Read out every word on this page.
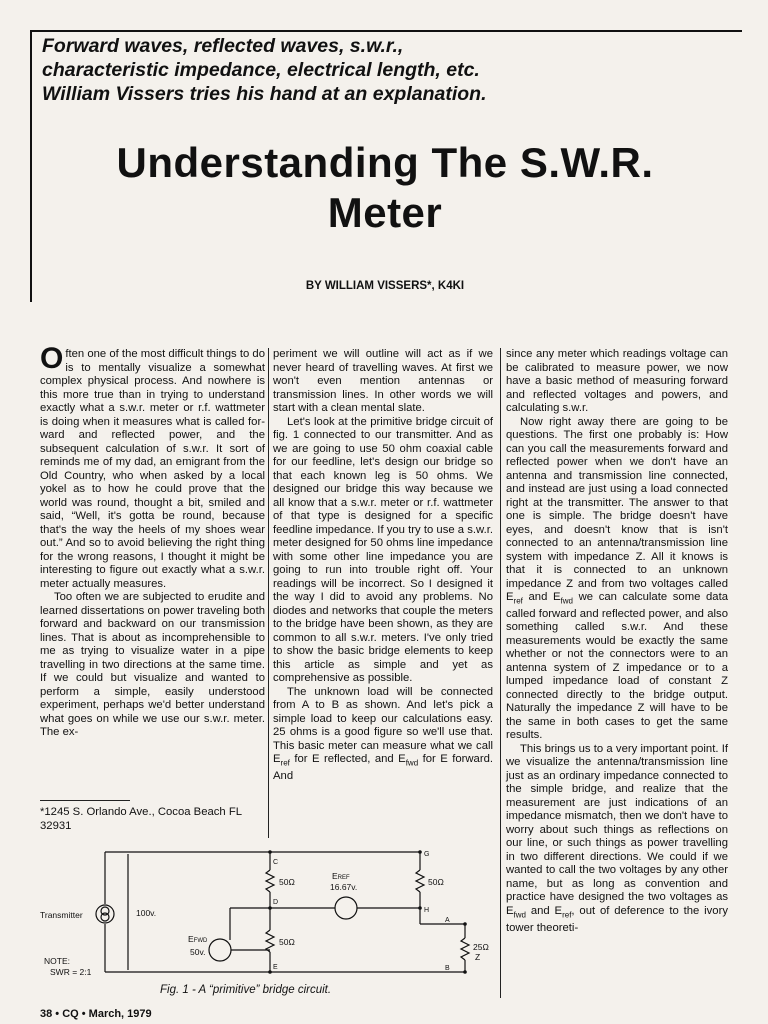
Forward waves, reflected waves, s.w.r.,
characteristic impedance, electrical length, etc.
William Vissers tries his hand at an explanation.
Understanding The S.W.R.
Meter
BY WILLIAM VISSERS*, K4KI

Often one of the most difficult things to do is to mentally visualize a somewhat complex physical process. And nowhere is this more true than in trying to understand exactly what a s.w.r. meter or r.f. wattmeter is doing when it measures what is called forward and reflected power, and the subsequent calculation of s.w.r. It sort of reminds me of my dad, an emigrant from the Old Country, who when asked by a local yokel as to how he could prove that the world was round, thought a bit, smiled and said, “Well, it's gotta be round, because that's the way the heels of my shoes wear out.” And so to avoid believing the right thing for the wrong reasons, I thought it might be interesting to figure out exactly what a s.w.r. meter actually measures.

Too often we are subjected to erudite and learned dissertations on power traveling both forward and backward on our transmission lines. That is about as incomprehensible to me as trying to visualize water in a pipe travelling in two directions at the same time. If we could but visualize and wanted to perform a simple, easily understood experiment, perhaps we'd better understand what goes on while we use our s.w.r. meter. The ex-

*1245 S. Orlando Ave., Cocoa Beach FL 32931

periment we will outline will act as if we never heard of travelling waves. At first we won't even mention antennas or transmission lines. In other words we will start with a clean mental slate.

Let's look at the primitive bridge circuit of fig. 1 connected to our transmitter. And as we are going to use 50 ohm coaxial cable for our feedline, let's design our bridge so that each known leg is 50 ohms. We designed our bridge this way because we all know that a s.w.r. meter or r.f. wattmeter of that type is designed for a specific feedline impedance. If you try to use a s.w.r. meter designed for 50 ohms line impedance with some other line impedance you are going to run into trouble right off. Your readings will be incorrect. So I designed it the way I did to avoid any problems. No diodes and networks that couple the meters to the bridge have been shown, as they are common to all s.w.r. meters. I've only tried to show the basic bridge elements to keep this article as simple and yet as comprehensive as possible.

The unknown load will be connected from A to B as shown. And let's pick a simple load to keep our calculations easy. 25 ohms is a good figure so we'll use that. This basic meter can measure what we call $E_{ref}$ for E reflected, and $E_{fwd}$ for E forward. And

since any meter which readings voltage can be calibrated to measure power, we now have a basic method of measuring forward and reflected voltages and powers, and calculating s.w.r.

Now right away there are going to be questions. The first one probably is: How can you call the measurements forward and reflected power when we don't have an antenna and transmission line connected, and instead are just using a load connected right at the transmitter. The answer to that one is simple. The bridge doesn't have eyes, and doesn't know that is isn't connected to an antenna/transmission line system with impedance Z. All it knows is that it is connected to an unknown impedance Z and from two voltages called $E_{ref}$ and $E_{fwd}$ we can calculate some data called forward and reflected power, and also something called s.w.r. And these measurements would be exactly the same whether or not the connectors were to an antenna system of Z impedance or to a lumped impedance load of constant Z connected directly to the bridge output. Naturally the impedance Z will have to be the same in both cases to get the same results.

This brings us to a very important point. If we visualize the antenna/transmission line just as an ordinary impedance connected to the simple bridge, and realize that the measurement are just indications of an impedance mismatch, then we don't have to worry about such things as reflections on our line, or such things as power travelling in two different directions. We could if we wanted to call the two voltages by any other name, but as long as convention and practice have designed the two voltages as $E_{fwd}$ and $E_{ref}$, out of deference to the ivory tower theoreti-

Transmitter	100v.
50Ω	50Ω
50Ω
EREF
16.67v.
EFWD
50v.	25Ω
Z
C
D
E
G
H
A
B
NOTE:
SWR = 2:1
Fig. 1 - A “primitive” bridge circuit.
38 • CQ • March, 1979
